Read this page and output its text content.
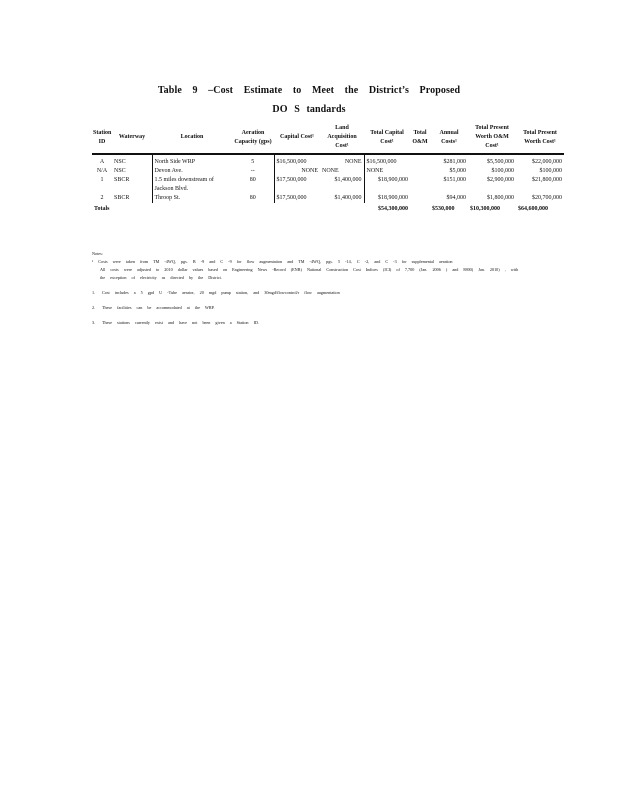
Table 9 –Cost Estimate to Meet the District’s Proposed
DO S tandards
Station ID	Waterway	Location	Aeration Capacity (gps)	Capital Cost¹	Land Acquisition Cost¹	Total Capital Cost¹	Total O&M	Annual Costs¹	Total Present Worth O&M Cost¹	Total Present Worth Cost¹
A	NSC	North Side WRP	5	$16,500,000	NONE	$16,500,000		$281,000	$5,500,000	$22,000,000
N/A	NSC	Devon Ave.	--	NONE	NONE	NONE		$5,000	$100,000	$100,000
1	SBCR	1.5 miles downstream of Jackson Blvd.	80	$17,500,000	$1,400,000	$18,900,000		$151,000	$2,900,000	$21,800,000
2	SBCR	Throop St.	80	$17,500,000	$1,400,000	$18,900,000		$94,000	$1,800,000	$20,700,000
Totals						$54,300,000		$530,000	$10,300,000	$64,600,000
Notes:
¹ Costs were taken from TM -4WQ, pgs. B -9 and C -9 for flow augmentation and TM -4WQ, pgs. 5 -14, C -2, and C -3 for supplemental aeration
All costs were adjusted to 2010 dollar values based on Engineering News -Record (ENR) National Construction Cost Indices (ICI) of 7,700 (Jan. 2006 ) and 8800( Jan. 2010) , with
the exception of electricity as directed by the District.
1. Cost includes a 5 gpd U -Tube aerator, 20 mgd pump station, and 30mgd/flowcontrol/r flow augmentation
2. These facilities can be accommodated at the WRP.
3. These stations currently exist and have not been given a Station ID.
